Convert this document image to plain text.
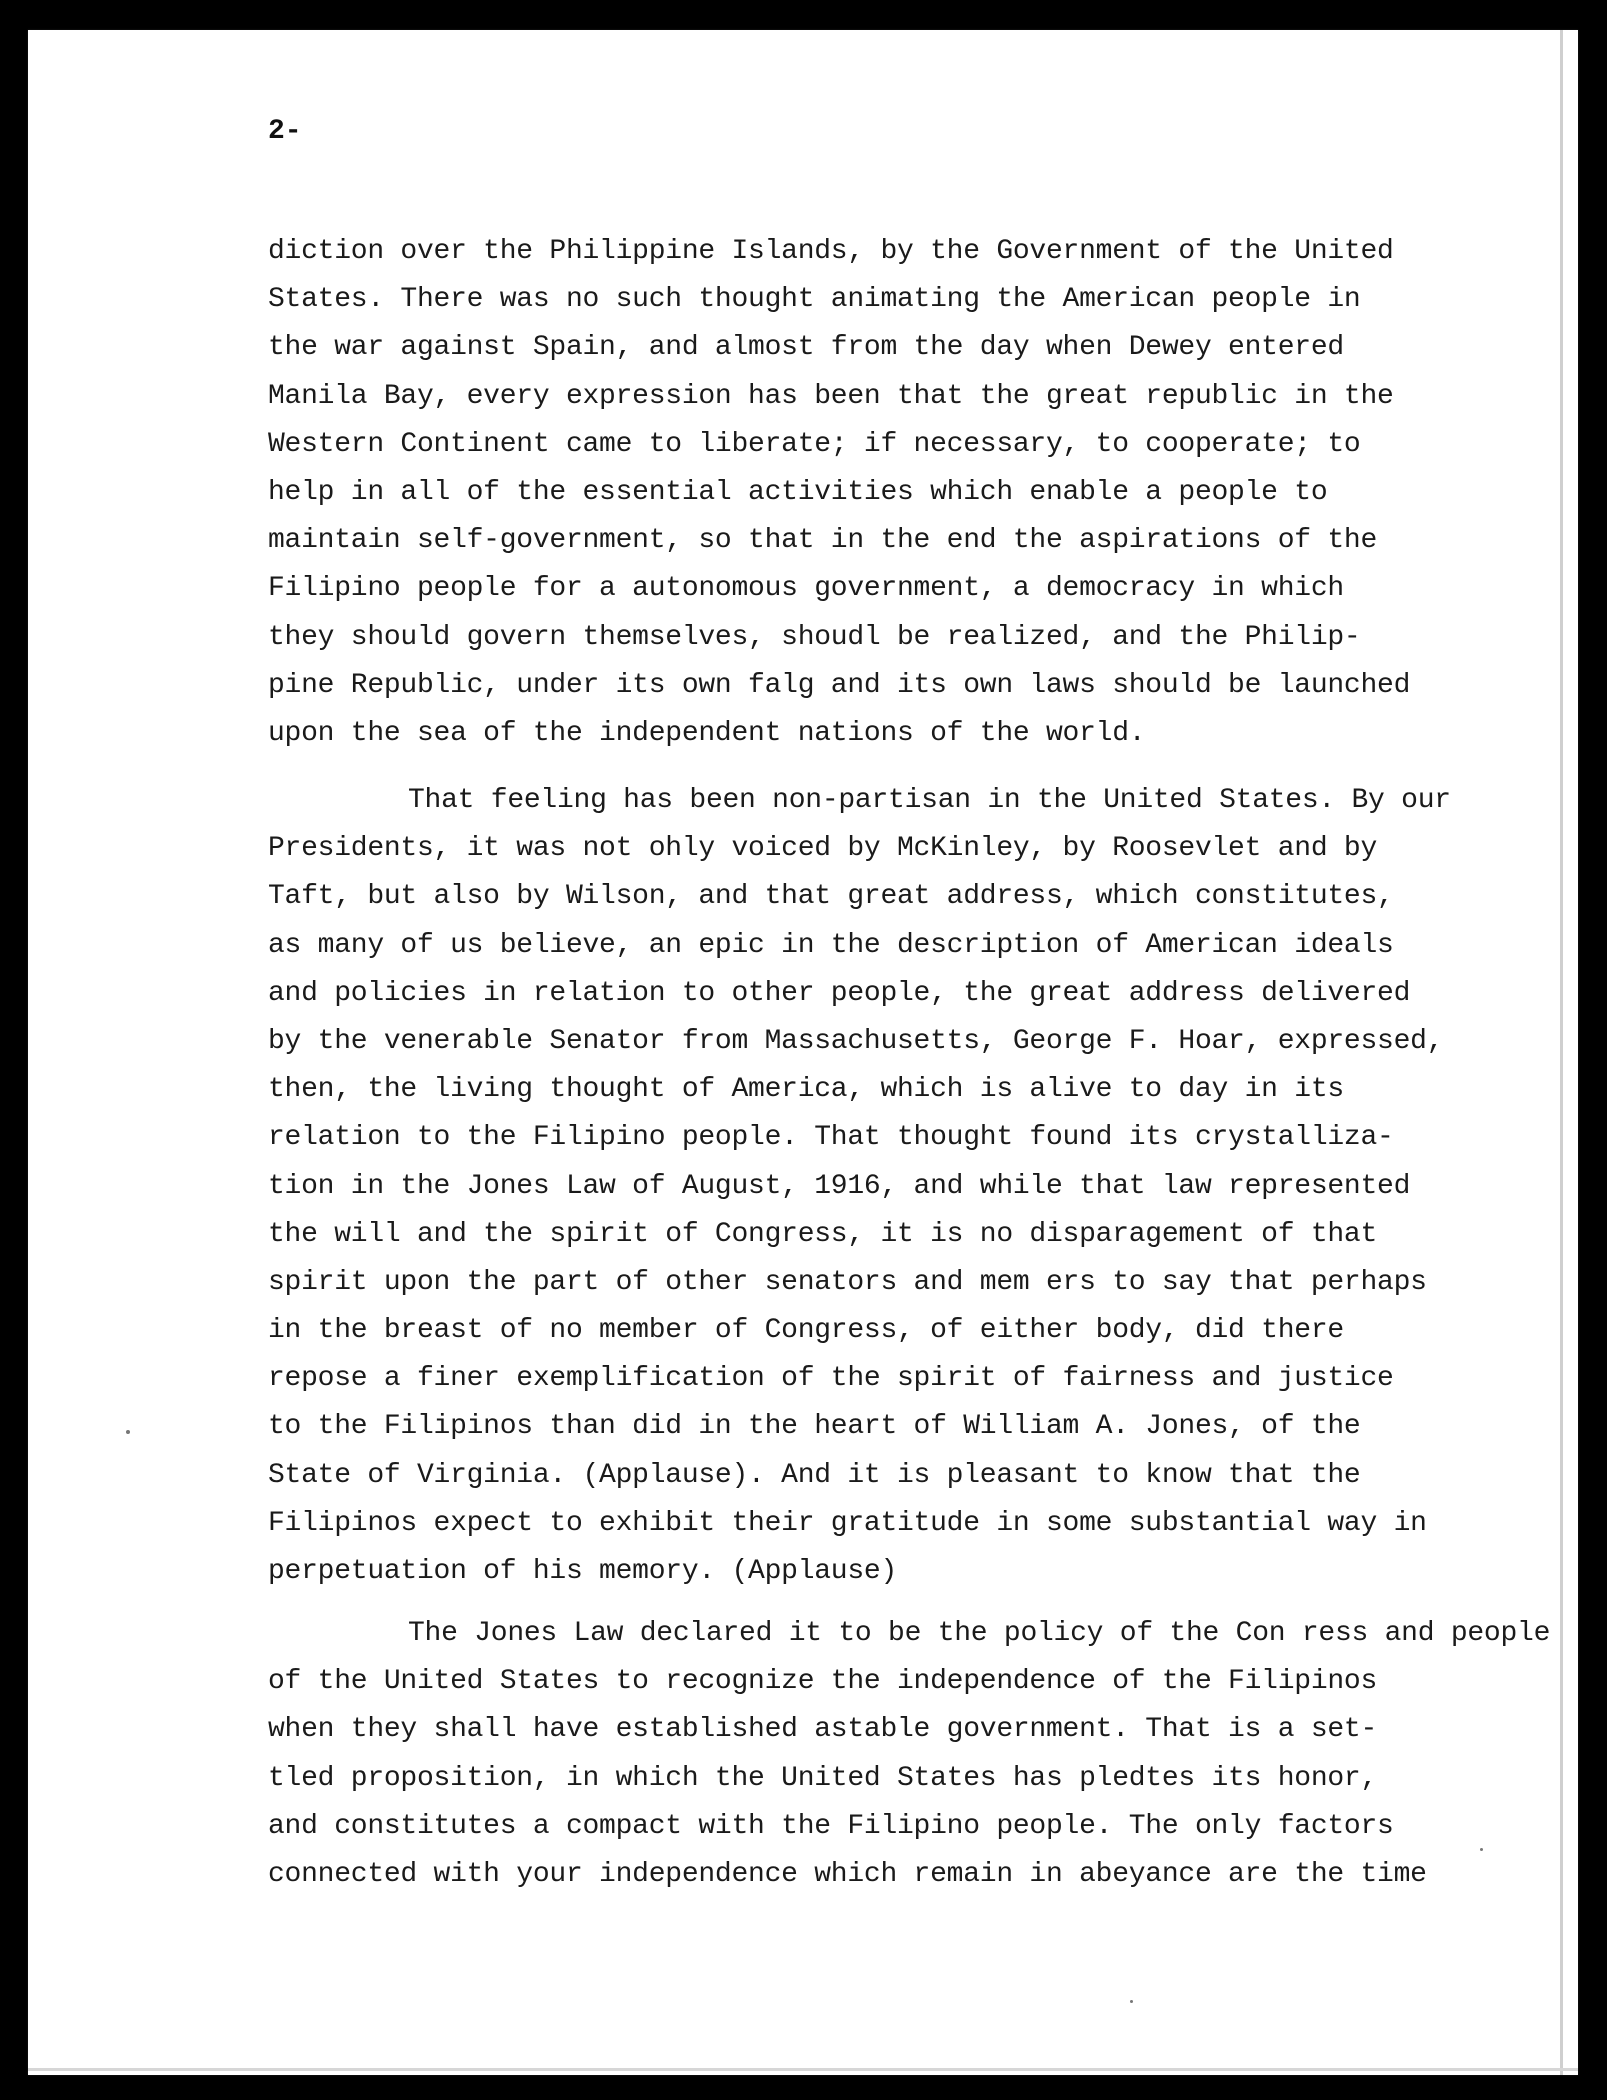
2-
diction over the Philippine Islands, by the Government of the United
States. There was no such thought animating the American people in
the war against Spain, and almost from the day when Dewey entered
Manila Bay, every expression has been that the great republic in the
Western Continent came to liberate; if necessary, to cooperate; to
help in all of the essential activities which enable a people to
maintain self-government, so that in the end the aspirations of the
Filipino people for a autonomous government, a democracy in which
they should govern themselves, shoudl be realized, and the Philip-
pine Republic, under its own falg and its own laws should be launched
upon the sea of the independent nations of the world.
That feeling has been non-partisan in the United States. By our
Presidents, it was not ohly voiced by McKinley, by Roosevlet and by
Taft, but also by Wilson, and that great address, which constitutes,
as many of us believe, an epic in the description of American ideals
and policies in relation to other people, the great address delivered
by the venerable Senator from Massachusetts, George F. Hoar, expressed,
then, the living thought of America, which is alive to day in its
relation to the Filipino people. That thought found its crystalliza-
tion in the Jones Law of August, 1916, and while that law represented
the will and the spirit of Congress, it is no disparagement of that
spirit upon the part of other senators and mem ers to say that perhaps
in the breast of no member of Congress, of either body, did there
repose a finer exemplification of the spirit of fairness and justice
to the Filipinos than did in the heart of William A. Jones, of the
State of Virginia. (Applause). And it is pleasant to know that the
Filipinos expect to exhibit their gratitude in some substantial way in
perpetuation of his memory. (Applause)
The Jones Law declared it to be the policy of the Con ress and people
of the United States to recognize the independence of the Filipinos
when they shall have established astable government. That is a set-
tled proposition, in which the United States has pledtes its honor,
and constitutes a compact with the Filipino people. The only factors
connected with your independence which remain in abeyance are the time
